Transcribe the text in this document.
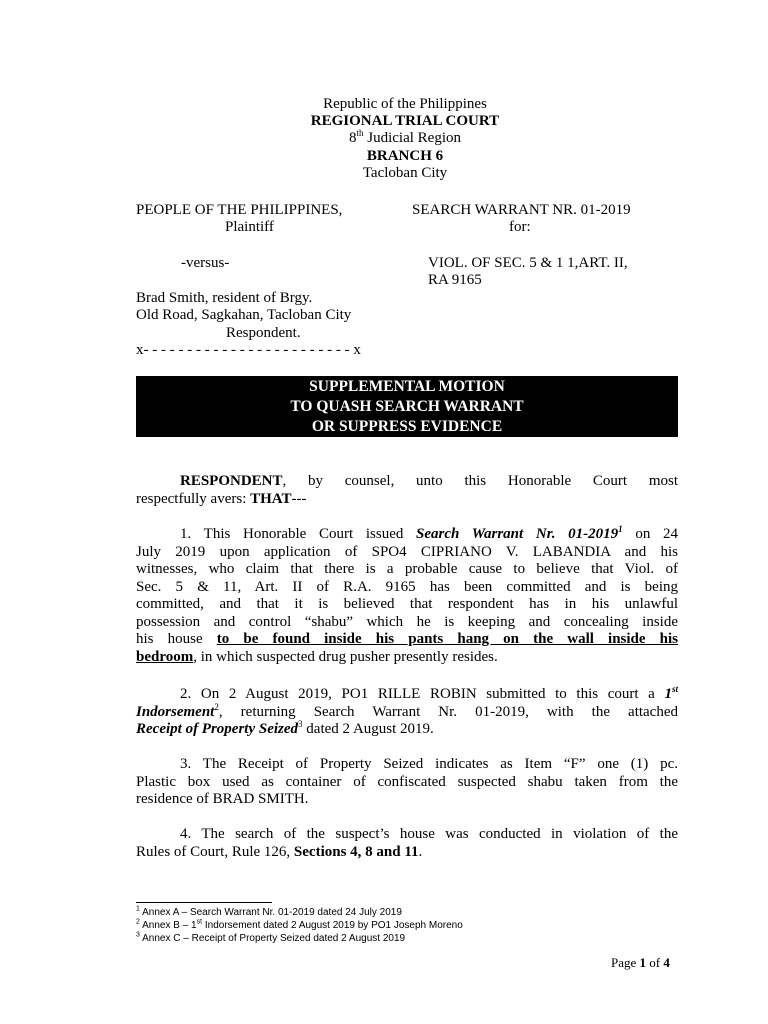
Republic of the Philippines
REGIONAL TRIAL COURT
8th Judicial Region
BRANCH 6
Tacloban City
PEOPLE OF THE PHILIPPINES,
Plaintiff
SEARCH WARRANT NR. 01-2019
for:
-versus-	VIOL. OF SEC. 5 & 1 1,ART. II,
RA 9165
Brad Smith, resident of Brgy.
Old Road, Sagkahan, Tacloban City
Respondent.
x- - - - - - - - - - - - - - - - - - - - - - - - x
SUPPLEMENTAL MOTION
TO QUASH SEARCH WARRANT
OR SUPPRESS EVIDENCE
RESPONDENT, by counsel, unto this Honorable Court most
respectfully avers: THAT---
1. This Honorable Court issued Search Warrant Nr. 01-2019$^1$ on 24
July 2019 upon application of SPO4 CIPRIANO V. LABANDIA and his
witnesses, who claim that there is a probable cause to believe that Viol. of
Sec. 5 & 11, Art. II of R.A. 9165 has been committed and is being
committed, and that it is believed that respondent has in his unlawful
possession and control “shabu” which he is keeping and concealing inside
his house to be found inside his pants hang on the wall inside his
bedroom, in which suspected drug pusher presently resides.
2. On 2 August 2019, PO1 RILLE ROBIN submitted to this court a 1st
Indorsement$^2$, returning Search Warrant Nr. 01-2019, with the attached
Receipt of Property Seized$^3$ dated 2 August 2019.
3. The Receipt of Property Seized indicates as Item “F” one (1) pc.
Plastic box used as container of confiscated suspected shabu taken from the
residence of BRAD SMITH.
4. The search of the suspect’s house was conducted in violation of the
Rules of Court, Rule 126, Sections 4, 8 and 11.
$^1$ Annex A – Search Warrant Nr. 01-2019 dated 24 July 2019
$^2$ Annex B – 1st Indorsement dated 2 August 2019 by PO1 Joseph Moreno
$^3$ Annex C – Receipt of Property Seized dated 2 August 2019
Page 1 of 4
